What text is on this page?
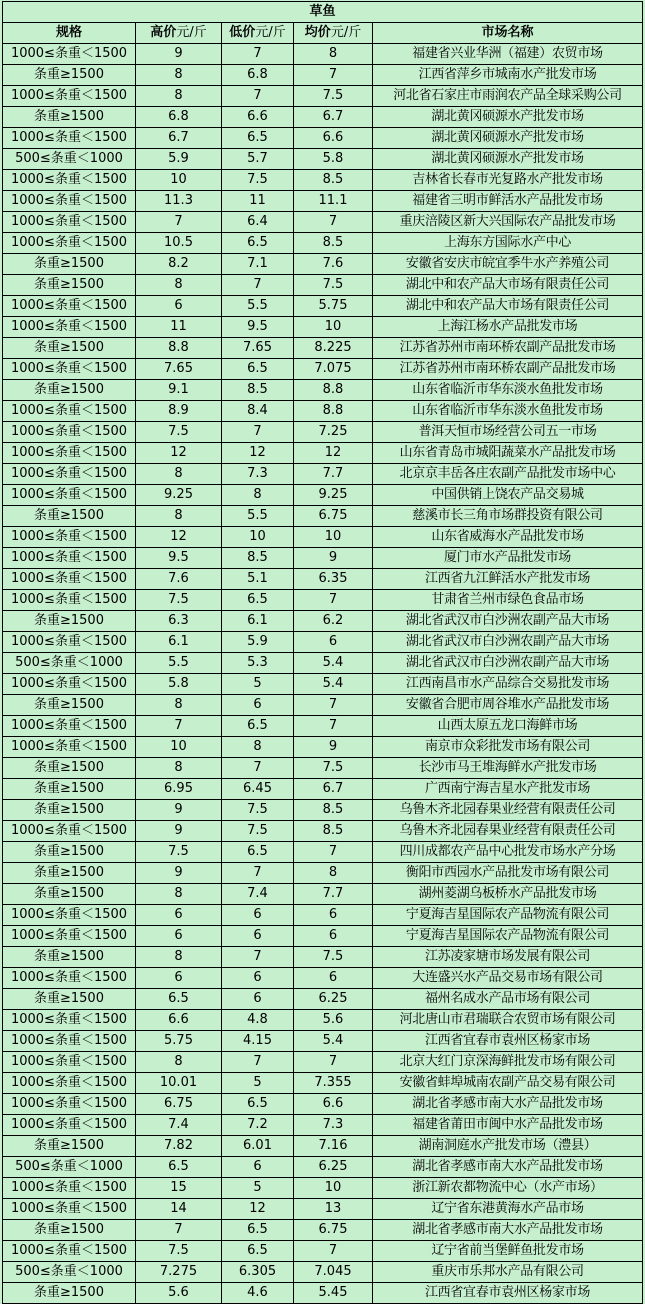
草鱼				
规格	高价元/斤	低价元/斤	均价元/斤	市场名称
1000≤条重＜1500	9	7	8	福建省兴业华洲（福建）农贸市场
条重≥1500	8	6.8	7	江西省萍乡市城南水产批发市场
1000≤条重＜1500	8	7	7.5	河北省石家庄市雨润农产品全球采购公司
条重≥1500	6.8	6.6	6.7	湖北黄冈硕源水产批发市场
1000≤条重＜1500	6.7	6.5	6.6	湖北黄冈硕源水产批发市场
500≤条重＜1000	5.9	5.7	5.8	湖北黄冈硕源水产批发市场
1000≤条重＜1500	10	7.5	8.5	吉林省长春市光复路水产批发市场
1000≤条重＜1500	11.3	11	11.1	福建省三明市鲜活水产品批发市场
1000≤条重＜1500	7	6.4	7	重庆涪陵区新大兴国际农产品批发市场
1000≤条重＜1500	10.5	6.5	8.5	上海东方国际水产中心
条重≥1500	8.2	7.1	7.6	安徽省安庆市皖宜季牛水产养殖公司
条重≥1500	8	7	7.5	湖北中和农产品大市场有限责任公司
1000≤条重＜1500	6	5.5	5.75	湖北中和农产品大市场有限责任公司
1000≤条重＜1500	11	9.5	10	上海江杨水产品批发市场
条重≥1500	8.8	7.65	8.225	江苏省苏州市南环桥农副产品批发市场
1000≤条重＜1500	7.65	6.5	7.075	江苏省苏州市南环桥农副产品批发市场
条重≥1500	9.1	8.5	8.8	山东省临沂市华东淡水鱼批发市场
1000≤条重＜1500	8.9	8.4	8.8	山东省临沂市华东淡水鱼批发市场
1000≤条重＜1500	7.5	7	7.25	普洱天恒市场经营公司五一市场
1000≤条重＜1500	12	12	12	山东省青岛市城阳蔬菜水产品批发市场
1000≤条重＜1500	8	7.3	7.7	北京京丰岳各庄农副产品批发市场中心
1000≤条重＜1500	9.25	8	9.25	中国供销上饶农产品交易城
条重≥1500	8	5.5	6.75	慈溪市长三角市场群投资有限公司
1000≤条重＜1500	12	10	10	山东省威海水产品批发市场
1000≤条重＜1500	9.5	8.5	9	厦门市水产品批发市场
1000≤条重＜1500	7.6	5.1	6.35	江西省九江鲜活水产批发市场
1000≤条重＜1500	7.5	6.5	7	甘肃省兰州市绿色食品市场
条重≥1500	6.3	6.1	6.2	湖北省武汉市白沙洲农副产品大市场
1000≤条重＜1500	6.1	5.9	6	湖北省武汉市白沙洲农副产品大市场
500≤条重＜1000	5.5	5.3	5.4	湖北省武汉市白沙洲农副产品大市场
1000≤条重＜1500	5.8	5	5.4	江西南昌市水产品综合交易批发市场
条重≥1500	8	6	7	安徽省合肥市周谷堆水产品批发市场
1000≤条重＜1500	7	6.5	7	山西太原五龙口海鲜市场
1000≤条重＜1500	10	8	9	南京市众彩批发市场有限公司
条重≥1500	8	7	7.5	长沙市马王堆海鲜水产批发市场
条重≥1500	6.95	6.45	6.7	广西南宁海吉星水产批发市场
条重≥1500	9	7.5	8.5	乌鲁木齐北园春果业经营有限责任公司
1000≤条重＜1500	9	7.5	8.5	乌鲁木齐北园春果业经营有限责任公司
条重≥1500	7.5	6.5	7	四川成都农产品中心批发市场水产分场
条重≥1500	9	7	8	衡阳市西园水产品批发市场有限公司
条重≥1500	8	7.4	7.7	湖州菱湖乌板桥水产品批发市场
1000≤条重＜1500	6	6	6	宁夏海吉星国际农产品物流有限公司
1000≤条重＜1500	6	6	6	宁夏海吉星国际农产品物流有限公司
条重≥1500	8	7	7.5	江苏凌家塘市场发展有限公司
1000≤条重＜1500	6	6	6	大连盛兴水产品交易市场有限公司
条重≥1500	6.5	6	6.25	福州名成水产品市场有限公司
1000≤条重＜1500	6.6	4.8	5.6	河北唐山市君瑞联合农贸市场有限公司
1000≤条重＜1500	5.75	4.15	5.4	江西省宜春市袁州区杨家市场
1000≤条重＜1500	8	7	7	北京大红门京深海鲜批发市场有限公司
1000≤条重＜1500	10.01	5	7.355	安徽省蚌埠城南农副产品交易有限公司
1000≤条重＜1500	6.75	6.5	6.6	湖北省孝感市南大水产品批发市场
1000≤条重＜1500	7.4	7.2	7.3	福建省莆田市闽中水产品批发市场
条重≥1500	7.82	6.01	7.16	湖南洞庭水产批发市场（澧县）
500≤条重＜1000	6.5	6	6.25	湖北省孝感市南大水产品批发市场
1000≤条重＜1500	15	5	10	浙江新农都物流中心（水产市场）
1000≤条重＜1500	14	12	13	辽宁省东港黄海水产品市场
条重≥1500	7	6.5	6.75	湖北省孝感市南大水产品批发市场
1000≤条重＜1500	7.5	6.5	7	辽宁省前当堡鲜鱼批发市场
500≤条重＜1000	7.275	6.305	7.045	重庆市乐邦水产品有限公司
条重≥1500	5.6	4.6	5.45	江西省宜春市袁州区杨家市场
